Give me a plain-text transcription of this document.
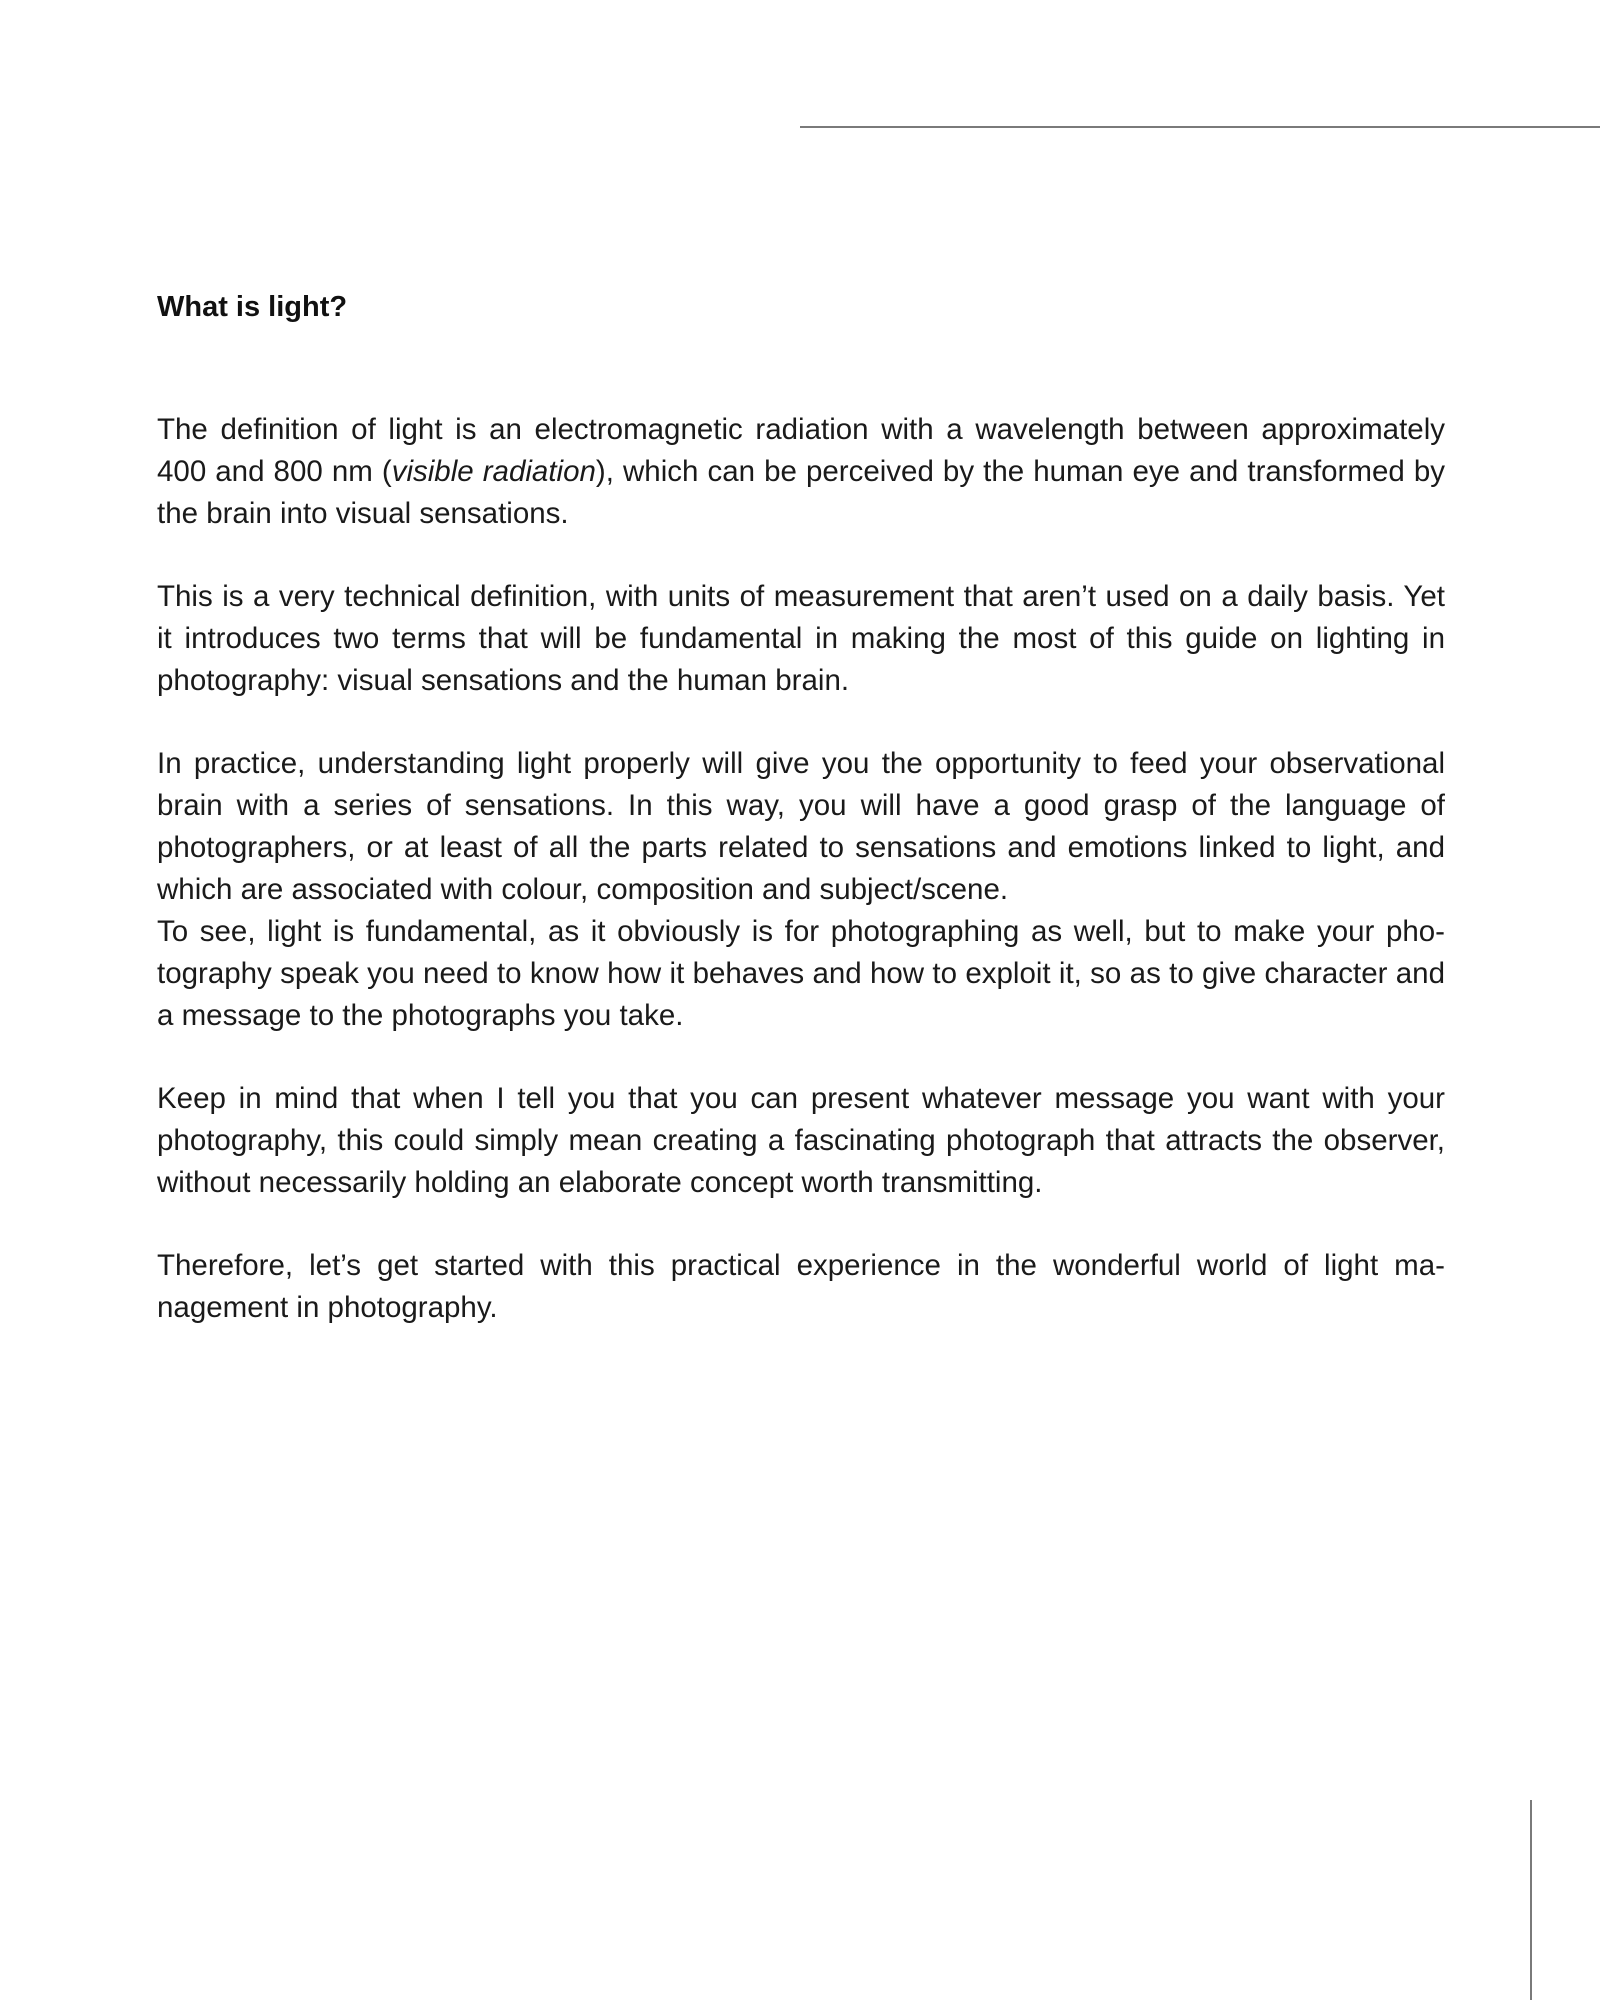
What is light?

The definition of light is an electromagnetic radiation with a wavelength between approximately 400 and 800 nm (visible radiation), which can be perceived by the human eye and transformed by the brain into visual sensations.

This is a very technical definition, with units of measurement that aren’t used on a daily basis. Yet it introduces two terms that will be fundamental in making the most of this guide on lighting in photography: visual sensations and the human brain.

In practice, understanding light properly will give you the opportunity to feed your observational brain with a series of sensations. In this way, you will have a good grasp of the language of photographers, or at least of all the parts related to sensations and emotions linked to light, and which are associated with colour, composition and subject/scene.

To see, light is fundamental, as it obviously is for photographing as well, but to make your photography speak you need to know how it behaves and how to exploit it, so as to give character and a message to the photographs you take.

Keep in mind that when I tell you that you can present whatever message you want with your photography, this could simply mean creating a fascinating photograph that attracts the observer, without necessarily holding an elaborate concept worth transmitting.

Therefore, let’s get started with this practical experience in the wonderful world of light management in photography.
